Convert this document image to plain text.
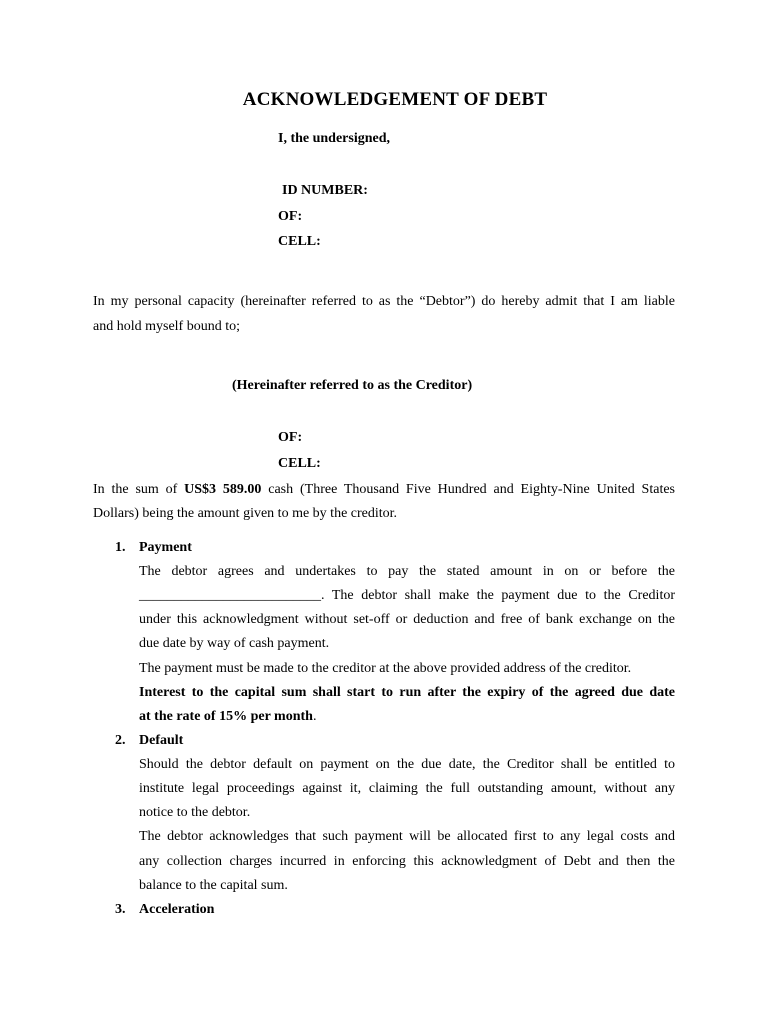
ACKNOWLEDGEMENT OF DEBT
I, the undersigned,
ID NUMBER:
OF:
CELL:
In my personal capacity (hereinafter referred to as the “Debtor”) do hereby admit that I am liable
and hold myself bound to;
(Hereinafter referred to as the Creditor)
OF:
CELL:
In the sum of US$3 589.00 cash (Three Thousand Five Hundred and Eighty-Nine United States
Dollars) being the amount given to me by the creditor.
1. Payment
The debtor agrees and undertakes to pay the stated amount in on or before the
__________________________. The debtor shall make the payment due to the Creditor
under this acknowledgment without set-off or deduction and free of bank exchange on the
due date by way of cash payment.
The payment must be made to the creditor at the above provided address of the creditor.
Interest to the capital sum shall start to run after the expiry of the agreed due date
at the rate of 15% per month.
2. Default
Should the debtor default on payment on the due date, the Creditor shall be entitled to
institute legal proceedings against it, claiming the full outstanding amount, without any
notice to the debtor.
The debtor acknowledges that such payment will be allocated first to any legal costs and
any collection charges incurred in enforcing this acknowledgment of Debt and then the
balance to the capital sum.
3. Acceleration
